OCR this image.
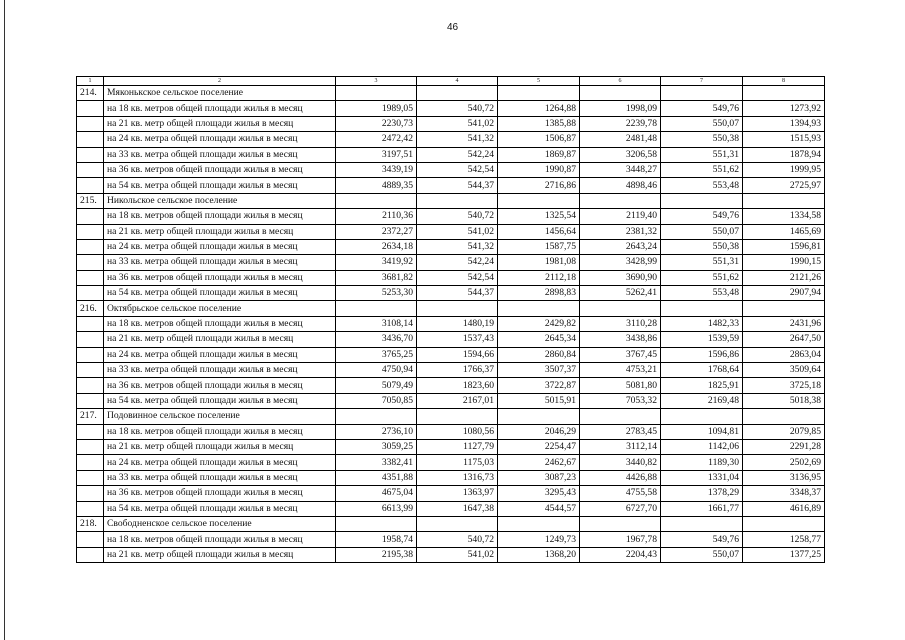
46
1	2	3	4	5	6	7	8
214.	Мяконькское сельское поселение						
	на 18 кв. метров общей площади жилья в месяц	1989,05	540,72	1264,88	1998,09	549,76	1273,92
	на 21 кв. метр общей площади жилья в месяц	2230,73	541,02	1385,88	2239,78	550,07	1394,93
	на 24 кв. метра общей площади жилья в месяц	2472,42	541,32	1506,87	2481,48	550,38	1515,93
	на 33 кв. метра общей площади жилья в месяц	3197,51	542,24	1869,87	3206,58	551,31	1878,94
	на 36 кв. метров общей площади жилья в месяц	3439,19	542,54	1990,87	3448,27	551,62	1999,95
	на 54 кв. метра общей площади жилья в месяц	4889,35	544,37	2716,86	4898,46	553,48	2725,97
215.	Никольское сельское поселение						
	на 18 кв. метров общей площади жилья в месяц	2110,36	540,72	1325,54	2119,40	549,76	1334,58
	на 21 кв. метр общей площади жилья в месяц	2372,27	541,02	1456,64	2381,32	550,07	1465,69
	на 24 кв. метра общей площади жилья в месяц	2634,18	541,32	1587,75	2643,24	550,38	1596,81
	на 33 кв. метра общей площади жилья в месяц	3419,92	542,24	1981,08	3428,99	551,31	1990,15
	на 36 кв. метров общей площади жилья в месяц	3681,82	542,54	2112,18	3690,90	551,62	2121,26
	на 54 кв. метра общей площади жилья в месяц	5253,30	544,37	2898,83	5262,41	553,48	2907,94
216.	Октябрьское сельское поселение						
	на 18 кв. метров общей площади жилья в месяц	3108,14	1480,19	2429,82	3110,28	1482,33	2431,96
	на 21 кв. метр общей площади жилья в месяц	3436,70	1537,43	2645,34	3438,86	1539,59	2647,50
	на 24 кв. метра общей площади жилья в месяц	3765,25	1594,66	2860,84	3767,45	1596,86	2863,04
	на 33 кв. метра общей площади жилья в месяц	4750,94	1766,37	3507,37	4753,21	1768,64	3509,64
	на 36 кв. метров общей площади жилья в месяц	5079,49	1823,60	3722,87	5081,80	1825,91	3725,18
	на 54 кв. метра общей площади жилья в месяц	7050,85	2167,01	5015,91	7053,32	2169,48	5018,38
217.	Подовинное сельское поселение						
	на 18 кв. метров общей площади жилья в месяц	2736,10	1080,56	2046,29	2783,45	1094,81	2079,85
	на 21 кв. метр общей площади жилья в месяц	3059,25	1127,79	2254,47	3112,14	1142,06	2291,28
	на 24 кв. метра общей площади жилья в месяц	3382,41	1175,03	2462,67	3440,82	1189,30	2502,69
	на 33 кв. метра общей площади жилья в месяц	4351,88	1316,73	3087,23	4426,88	1331,04	3136,95
	на 36 кв. метров общей площади жилья в месяц	4675,04	1363,97	3295,43	4755,58	1378,29	3348,37
	на 54 кв. метра общей площади жилья в месяц	6613,99	1647,38	4544,57	6727,70	1661,77	4616,89
218.	Свободненское сельское поселение						
	на 18 кв. метров общей площади жилья в месяц	1958,74	540,72	1249,73	1967,78	549,76	1258,77
	на 21 кв. метр общей площади жилья в месяц	2195,38	541,02	1368,20	2204,43	550,07	1377,25
